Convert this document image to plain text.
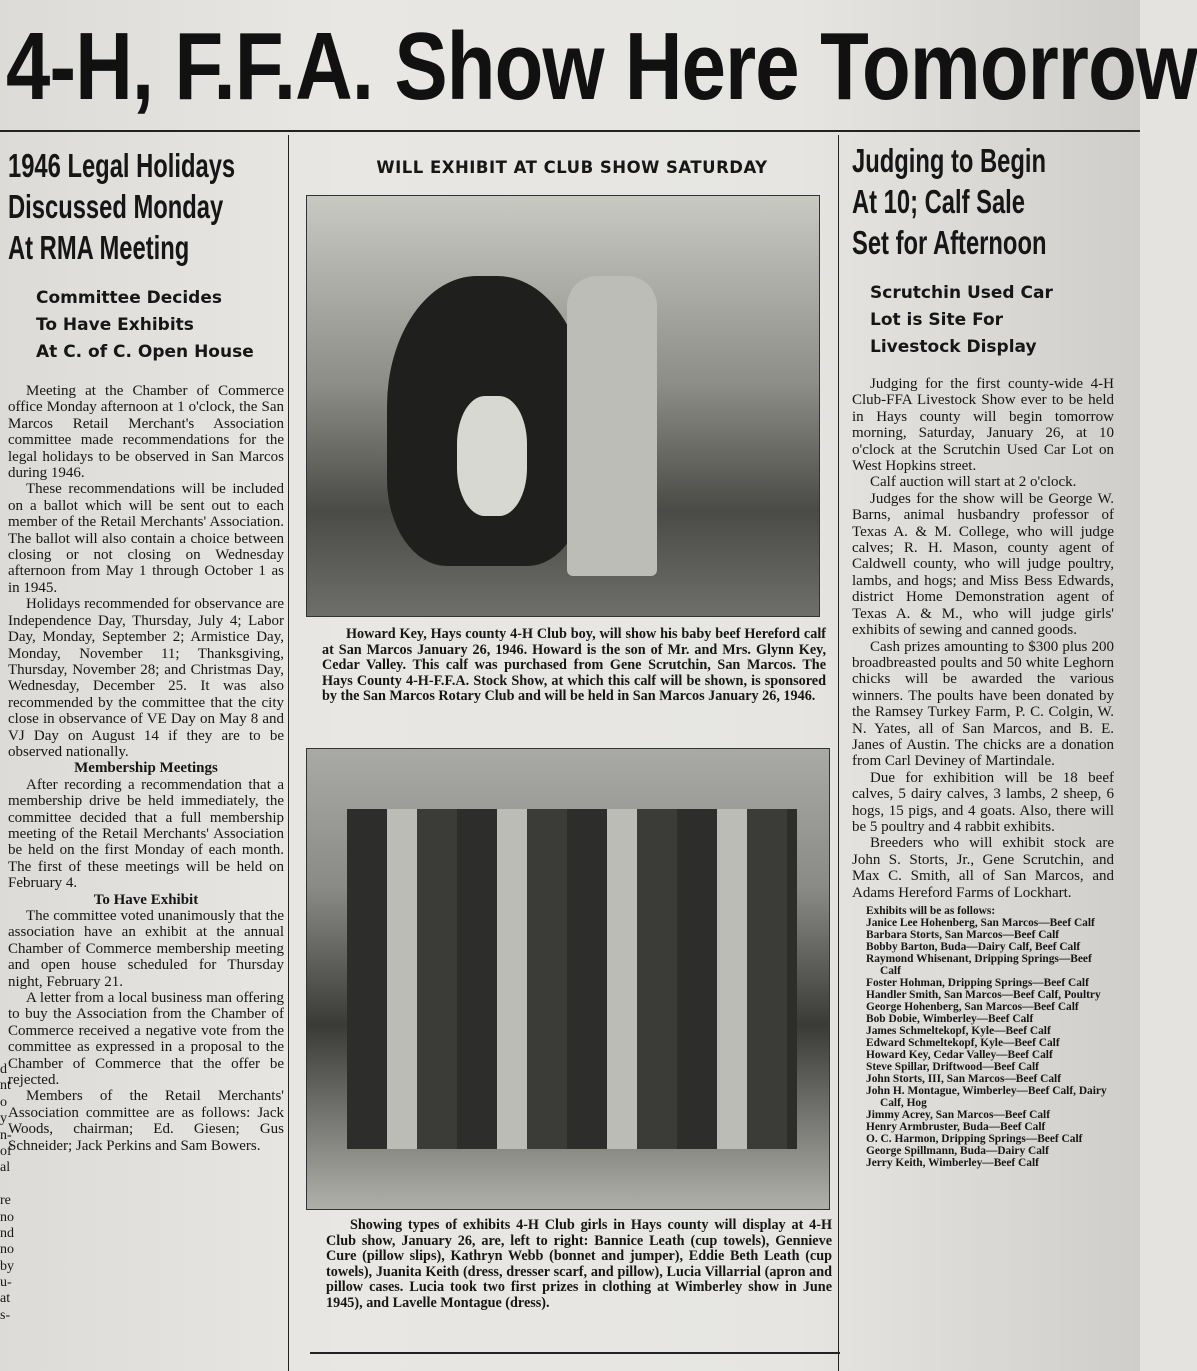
4-H, F.F.A. Show Here Tomorrow
d
nt
o
y
n-
of
al
re
no
nd
no
by
u-
at
s-
1946 Legal Holidays
Discussed Monday
At RMA Meeting
Committee Decides
To Have Exhibits
At C. of C. Open House

Meeting at the Chamber of Commerce office Monday afternoon at 1 o'clock, the San Marcos Retail Merchant's Association committee made recommendations for the legal holidays to be observed in San Marcos during 1946.

These recommendations will be included on a ballot which will be sent out to each member of the Retail Merchants' Association. The ballot will also contain a choice between closing or not closing on Wednesday afternoon from May 1 through October 1 as in 1945.

Holidays recommended for observance are Independence Day, Thursday, July 4; Labor Day, Monday, September 2; Armistice Day, Monday, November 11; Thanksgiving, Thursday, November 28; and Christmas Day, Wednesday, December 25. It was also recommended by the committee that the city close in observance of VE Day on May 8 and VJ Day on August 14 if they are to be observed nationally.

Membership Meetings

After recording a recommendation that a membership drive be held immediately, the committee decided that a full membership meeting of the Retail Merchants' Association be held on the first Monday of each month. The first of these meetings will be held on February 4.

To Have Exhibit

The committee voted unanimously that the association have an exhibit at the annual Chamber of Commerce membership meeting and open house scheduled for Thursday night, February 21.

A letter from a local business man offering to buy the Association from the Chamber of Commerce received a negative vote from the committee as expressed in a proposal to the Chamber of Commerce that the offer be rejected.

Members of the Retail Merchants' Association committee are as follows: Jack Woods, chairman; Ed. Giesen; Gus Schneider; Jack Perkins and Sam Bowers.

WILL EXHIBIT AT CLUB SHOW SATURDAY
Howard Key, Hays county 4-H Club boy, will show his baby beef Hereford calf at San Marcos January 26, 1946. Howard is the son of Mr. and Mrs. Glynn Key, Cedar Valley. This calf was purchased from Gene Scrutchin, San Marcos. The Hays County 4-H-F.F.A. Stock Show, at which this calf will be shown, is sponsored by the San Marcos Rotary Club and will be held in San Marcos January 26, 1946.
Showing types of exhibits 4-H Club girls in Hays county will display at 4-H Club show, January 26, are, left to right: Bannice Leath (cup towels), Gennieve Cure (pillow slips), Kathryn Webb (bonnet and jumper), Eddie Beth Leath (cup towels), Juanita Keith (dress, dresser scarf, and pillow), Lucia Villarrial (apron and pillow cases. Lucia took two first prizes in clothing at Wimberley show in June 1945), and Lavelle Montague (dress).
Judging to Begin
At 10; Calf Sale
Set for Afternoon
Scrutchin Used Car
Lot is Site For
Livestock Display

Judging for the first county-wide 4-H Club-FFA Livestock Show ever to be held in Hays county will begin tomorrow morning, Saturday, January 26, at 10 o'clock at the Scrutchin Used Car Lot on West Hopkins street.

Calf auction will start at 2 o'clock.

Judges for the show will be George W. Barns, animal husbandry professor of Texas A. & M. College, who will judge calves; R. H. Mason, county agent of Caldwell county, who will judge poultry, lambs, and hogs; and Miss Bess Edwards, district Home Demonstration agent of Texas A. & M., who will judge girls' exhibits of sewing and canned goods.

Cash prizes amounting to $300 plus 200 broadbreasted poults and 50 white Leghorn chicks will be awarded the various winners. The poults have been donated by the Ramsey Turkey Farm, P. C. Colgin, W. N. Yates, all of San Marcos, and B. E. Janes of Austin. The chicks are a donation from Carl Deviney of Martindale.

Due for exhibition will be 18 beef calves, 5 dairy calves, 3 lambs, 2 sheep, 6 hogs, 15 pigs, and 4 goats. Also, there will be 5 poultry and 4 rabbit exhibits.

Breeders who will exhibit stock are John S. Storts, Jr., Gene Scrutchin, and Max C. Smith, all of San Marcos, and Adams Hereford Farms of Lockhart.

Exhibits will be as follows:
Janice Lee Hohenberg, San Marcos—Beef Calf
Barbara Storts, San Marcos—Beef Calf
Bobby Barton, Buda—Dairy Calf, Beef Calf
Raymond Whisenant, Dripping Springs—Beef Calf
Foster Hohman, Dripping Springs—Beef Calf
Handler Smith, San Marcos—Beef Calf, Poultry
George Hohenberg, San Marcos—Beef Calf
Bob Dobie, Wimberley—Beef Calf
James Schmeltekopf, Kyle—Beef Calf
Edward Schmeltekopf, Kyle—Beef Calf
Howard Key, Cedar Valley—Beef Calf
Steve Spillar, Driftwood—Beef Calf
John Storts, III, San Marcos—Beef Calf
John H. Montague, Wimberley—Beef Calf, Dairy Calf, Hog
Jimmy Acrey, San Marcos—Beef Calf
Henry Armbruster, Buda—Beef Calf
O. C. Harmon, Dripping Springs—Beef Calf
George Spillmann, Buda—Dairy Calf
Jerry Keith, Wimberley—Beef Calf
